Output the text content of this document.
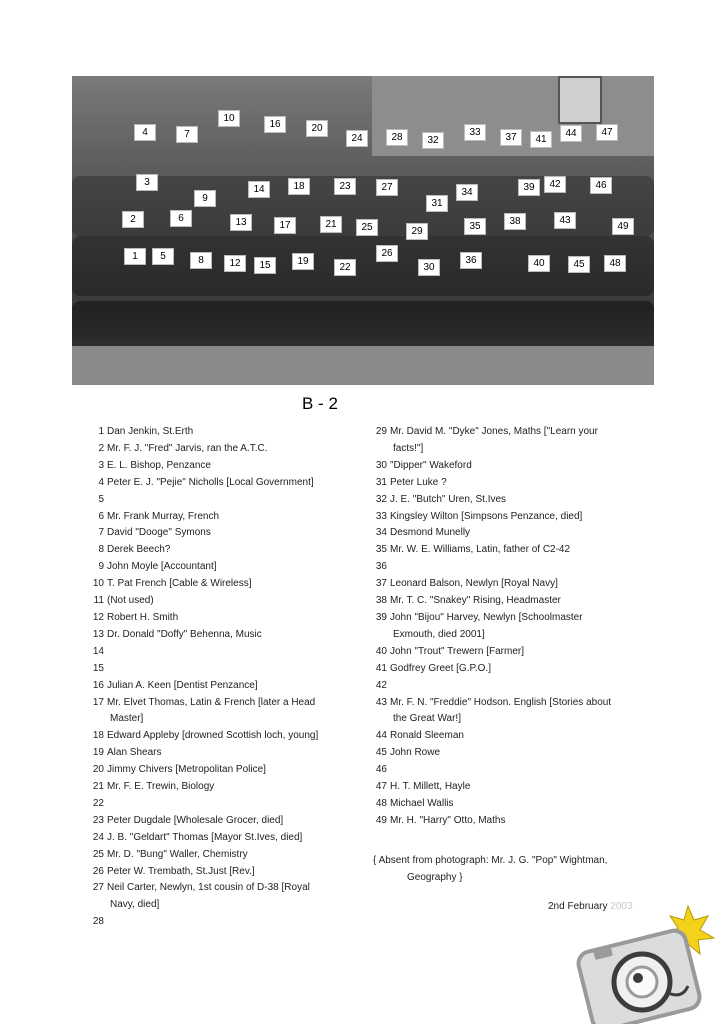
1
2
3
4
5
6
7
8
9
10
12
13
14
15
16
17
18
19
20
21
22
23
24
25
26
27
28
29
30
31
32
33
34
35
36
37
38
39
40
41
42
43
44
45
46
47
48
49
B - 2
1 Dan Jenkin, St.Erth
2 Mr. F. J. "Fred" Jarvis, ran the A.T.C.
3 E. L. Bishop, Penzance
4 Peter E. J. "Pejie" Nicholls [Local Government]
5
6 Mr. Frank Murray, French
7 David "Dooge" Symons
8 Derek Beech?
9 John Moyle [Accountant]
10 T. Pat French [Cable & Wireless]
11 (Not used)
12 Robert H. Smith
13 Dr. Donald "Doffy" Behenna, Music
14
15
16 Julian A. Keen [Dentist Penzance]
17 Mr. Elvet Thomas, Latin & French [later a Head
Master]
18 Edward Appleby [drowned Scottish loch, young]
19 Alan Shears
20 Jimmy Chivers [Metropolitan Police]
21 Mr. F. E. Trewin, Biology
22
23 Peter Dugdale [Wholesale Grocer, died]
24 J. B. "Geldart" Thomas [Mayor St.Ives, died]
25 Mr. D. "Bung" Waller, Chemistry
26 Peter W. Trembath, St.Just [Rev.]
27 Neil Carter, Newlyn, 1st cousin of D-38 [Royal
Navy, died]
28
29 Mr. David M. "Dyke" Jones, Maths ["Learn your
facts!"]
30 "Dipper" Wakeford
31 Peter Luke ?
32 J. E. "Butch" Uren, St.Ives
33 Kingsley Wilton [Simpsons Penzance, died]
34 Desmond Munelly
35 Mr. W. E. Williams, Latin, father of C2-42
36
37 Leonard Balson, Newlyn [Royal Navy]
38 Mr. T. C. "Snakey" Rising, Headmaster
39 John "Bijou" Harvey, Newlyn [Schoolmaster
Exmouth, died 2001]
40 John "Trout" Trewern [Farmer]
41 Godfrey Greet [G.P.O.]
42
43 Mr. F. N. "Freddie" Hodson. English [Stories about
the Great War!]
44 Ronald Sleeman
45 John Rowe
46
47 H. T. Millett, Hayle
48 Michael Wallis
49 Mr. H. "Harry" Otto, Maths
{ Absent from photograph: Mr. J. G. "Pop" Wightman,
Geography }
2nd February 2003
